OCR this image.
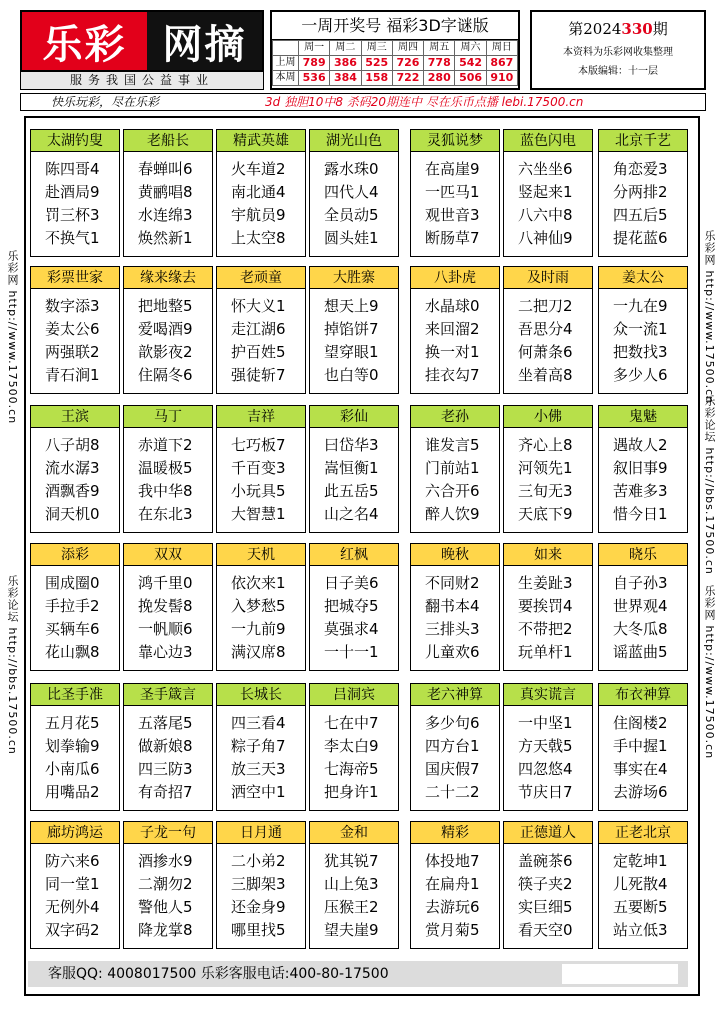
乐彩 网摘
服务我国公益事业
一周开奖号 福彩3D字谜版
	周一	周二	周三	周四	周五	周六	周日
上周	789	386	525	726	778	542	867
本周	536	384	158	722	280	506	910
第2024330期
本资料为乐彩网收集整理
本版编辑：十一层
快乐玩彩，尽在乐彩	3d 独胆10中8 杀码20期连中 尽在乐币点播 lebi.17500.cn
乐彩网 http://www.17500.cn
乐彩论坛 http://bbs.17500.cn
乐彩网 http://www.17500.cn
乐彩论坛 http://bbs.17500.cn
乐彩网 http://www.17500.cn
太湖钓叟
陈四哥4
赴酒局9
罚三杯3
不换气1
老船长
春蝉叫6
黄鹂唱8
水连绵3
焕然新1
精武英雄
火车道2
南北通4
宇航员9
上太空8
湖光山色
露水珠0
四代人4
全员动5
圆头娃1
灵狐说梦
在高崖9
一匹马1
观世音3
断肠草7
蓝色闪电
六坐坐6
竖起来1
八六中8
八神仙9
北京千艺
角恋爱3
分两排2
四五后5
提花蓝6
彩票世家
数字添3
姜太公6
两强联2
青石涧1
缘来缘去
把地整5
爱喝酒9
歆影夜2
住隔冬6
老顽童
怀大义1
走江湖6
护百姓5
强徒斩7
大胜寨
想天上9
掉馅饼7
望穿眼1
也白等0
八卦虎
水晶球0
来回溜2
换一对1
挂衣勾7
及时雨
二把刀2
吾思分4
何萧条6
坐着高8
姜太公
一九在9
众一流1
把数找3
多少人6
王滨
八子胡8
流水潺3
酒飘香9
洞天机0
马丁
赤道下2
温暖极5
我中华8
在东北3
吉祥
七巧板7
千百变3
小玩具5
大智慧1
彩仙
曰岱华3
嵩恒衡1
此五岳5
山之名4
老孙
谁发言5
门前站1
六合开6
醉人饮9
小佛
齐心上8
河领先1
三旬无3
天底下9
鬼魅
遇故人2
叙旧事9
苦难多3
惜今日1
添彩
围成圈0
手拉手2
买辆车6
花山飘8
双双
鸿千里0
挽发髻8
一帆顺6
靠心边3
天机
依次来1
入梦愁5
一九前9
满汉席8
红枫
日子美6
把城夺5
莫强求4
一十一1
晚秋
不同财2
翻书本4
三排头3
儿童欢6
如来
生姜趾3
要挨罚4
不带把2
玩单杆1
晓乐
自子孙3
世界观4
大冬瓜8
谣蓝曲5
比圣手准
五月花5
划拳输9
小南瓜6
用嘴品2
圣手箴言
五落尾5
做新娘8
四三防3
有奇招7
长城长
四三看4
粽子角7
放三天3
洒空中1
吕洞宾
七在中7
李太白9
七海帝5
把身许1
老六神算
多少句6
四方台1
国庆假7
二十二2
真实谎言
一中坚1
方天戟5
四忽悠4
节庆日7
布衣神算
住阁楼2
手中握1
事实在4
去游场6
廊坊鸿运
防六来6
同一堂1
无例外4
双字码2
子龙一句
酒掺水9
二潮勿2
警他人5
降龙掌8
日月通
二小弟2
三脚架3
还金身9
哪里找5
金和
犹其锐7
山上兔3
压猴王2
望夫崖9
精彩
体投地7
在扁舟1
去游玩6
赏月菊5
正德道人
盖碗茶6
筷子夹2
实巨细5
看天空0
正老北京
定乾坤1
儿死散4
五要断5
站立低3
客服QQ: 4008017500 乐彩客服电话:400-80-17500
